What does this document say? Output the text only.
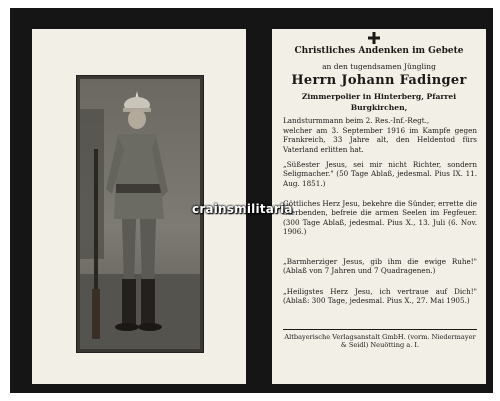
Christliches Andenken im Gebete
an den tugendsamen Jüngling
Herrn Johann Fadinger
Zimmerpolier in Hinterberg, Pfarrei
Burgkirchen,
Landsturmmann beim 2. Res.-Inf.-Regt.,
welcher am 3. September 1916 im Kampfe gegen Frankreich, 33 Jahre alt, den Heldentod fürs Vaterland erlitten hat.
„Süßester Jesus, sei mir nicht Richter, sondern Seligmacher." (50 Tage Ablaß, jedesmal. Pius IX. 11. Aug. 1851.)
Göttliches Herz Jesu, bekehre die Sünder, errette die Sterbenden, befreie die armen Seelen im Fegfeuer. (300 Tage Ablaß, jedesmal. Pius X., 13. Juli (6. Nov. 1906.)
„Barmherziger Jesus, gib ihm die ewige Ruhe!" (Ablaß von 7 Jahren und 7 Quadragenen.)
„Heiligstes Herz Jesu, ich vertraue auf Dich!" (Ablaß: 300 Tage, jedesmal. Pius X., 27. Mai 1905.)
Altbayerische Verlagsanstalt GmbH. (vorm. Niedermayer & Seidl) Neuötting a. I.
crainsmilitaria
